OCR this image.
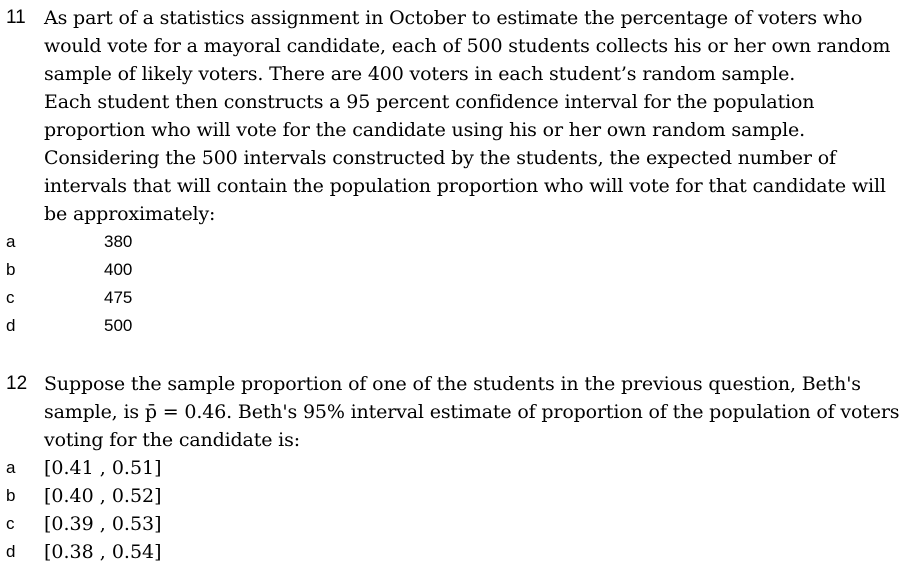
11 As part of a statistics assignment in October to estimate the percentage of voters who
would vote for a mayoral candidate, each of 500 students collects his or her own random
sample of likely voters. There are 400 voters in each student’s random sample.
Each student then constructs a 95 percent confidence interval for the population
proportion who will vote for the candidate using his or her own random sample.
Considering the 500 intervals constructed by the students, the expected number of
intervals that will contain the population proportion who will vote for that candidate will
be approximately:
a	380
b	400
c	475
d	500
12 Suppose the sample proportion of one of the students in the previous question, Beth's
sample, is p̄ = 0.46. Beth's 95% interval estimate of proportion of the population of voters
voting for the candidate is:
a [0.41 , 0.51]
b [0.40 , 0.52]
c [0.39 , 0.53]
d [0.38 , 0.54]
